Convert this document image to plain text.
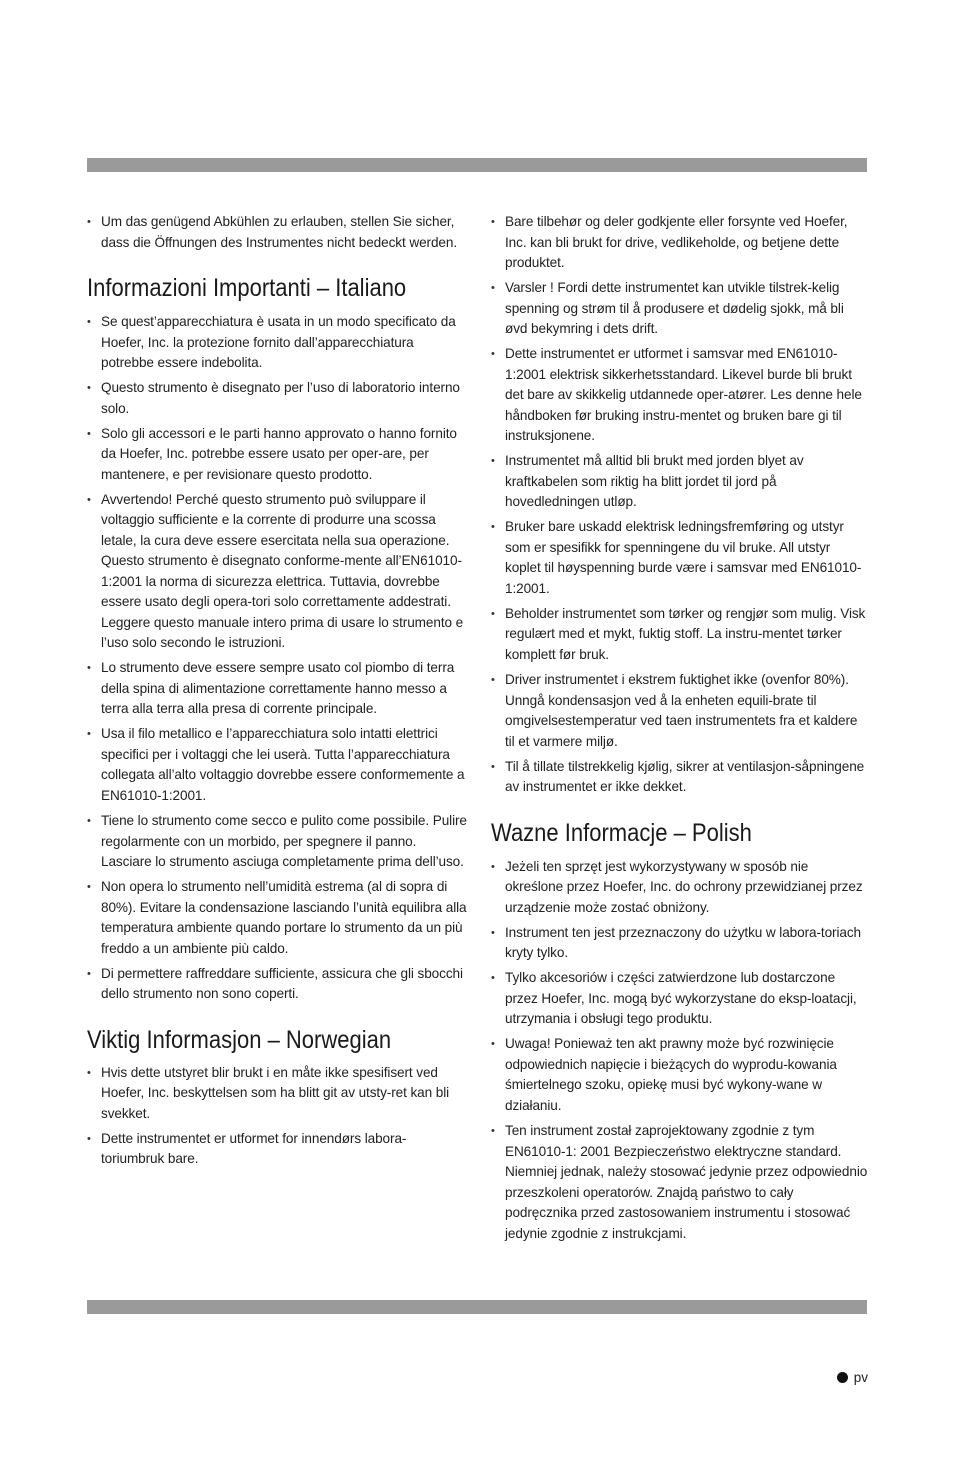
• Um das genügend Abkühlen zu erlauben, stellen Sie sicher, dass die Öffnungen des Instrumentes nicht bedeckt werden.
Informazioni Importanti – Italiano
• Se quest’apparecchiatura è usata in un modo specificato da Hoefer, Inc. la protezione fornito dall’apparecchiatura potrebbe essere indebolita.
• Questo strumento è disegnato per l’uso di laboratorio interno solo.
• Solo gli accessori e le parti hanno approvato o hanno fornito da Hoefer, Inc. potrebbe essere usato per oper-are, per mantenere, e per revisionare questo prodotto.
• Avvertendo! Perché questo strumento può sviluppare il voltaggio sufficiente e la corrente di produrre una scossa letale, la cura deve essere esercitata nella sua operazione. Questo strumento è disegnato conforme-mente all’EN61010-1:2001 la norma di sicurezza elettrica. Tuttavia, dovrebbe essere usato degli opera-tori solo correttamente addestrati. Leggere questo manuale intero prima di usare lo strumento e l’uso solo secondo le istruzioni.
• Lo strumento deve essere sempre usato col piombo di terra della spina di alimentazione correttamente hanno messo a terra alla terra alla presa di corrente principale.
• Usa il filo metallico e l’apparecchiatura solo intatti elettrici specifici per i voltaggi che lei userà. Tutta l’apparecchiatura collegata all’alto voltaggio dovrebbe essere conformemente a EN61010-1:2001.
• Tiene lo strumento come secco e pulito come possibile. Pulire regolarmente con un morbido, per spegnere il panno. Lasciare lo strumento asciuga completamente prima dell’uso.
• Non opera lo strumento nell’umidità estrema (al di sopra di 80%). Evitare la condensazione lasciando l’unità equilibra alla temperatura ambiente quando portare lo strumento da un più freddo a un ambiente più caldo.
• Di permettere raffreddare sufficiente, assicura che gli sbocchi dello strumento non sono coperti.
Viktig Informasjon – Norwegian
• Hvis dette utstyret blir brukt i en måte ikke spesifisert ved Hoefer, Inc. beskyttelsen som ha blitt git av utsty-ret kan bli svekket.
• Dette instrumentet er utformet for innendørs labora-toriumbruk bare.
• Bare tilbehør og deler godkjente eller forsynte ved Hoefer, Inc. kan bli brukt for drive, vedlikeholde, og betjene dette produktet.
• Varsler ! Fordi dette instrumentet kan utvikle tilstrek-kelig spenning og strøm til å produsere et dødelig sjokk, må bli øvd bekymring i dets drift.
• Dette instrumentet er utformet i samsvar med EN61010-1:2001 elektrisk sikkerhetsstandard. Likevel burde bli brukt det bare av skikkelig utdannede oper-atører. Les denne hele håndboken før bruking instru-mentet og bruken bare gi til instruksjonene.
• Instrumentet må alltid bli brukt med jorden blyet av kraftkabelen som riktig ha blitt jordet til jord på hovedledningen utløp.
• Bruker bare uskadd elektrisk ledningsfremføring og utstyr som er spesifikk for spenningene du vil bruke. All utstyr koplet til høyspenning burde være i samsvar med EN61010-1:2001.
• Beholder instrumentet som tørker og rengjør som mulig. Visk regulært med et mykt, fuktig stoff. La instru-mentet tørker komplett før bruk.
• Driver instrumentet i ekstrem fuktighet ikke (ovenfor 80%). Unngå kondensasjon ved å la enheten equili-brate til omgivelsestemperatur ved taen instrumentets fra et kaldere til et varmere miljø.
• Til å tillate tilstrekkelig kjølig, sikrer at ventilasjon-såpningene av instrumentet er ikke dekket.
Wazne Informacje – Polish
• Jeżeli ten sprzęt jest wykorzystywany w sposób nie określone przez Hoefer, Inc. do ochrony przewidzianej przez urządzenie może zostać obniżony.
• Instrument ten jest przeznaczony do użytku w labora-toriach kryty tylko.
• Tylko akcesoriów i części zatwierdzone lub dostarczone przez Hoefer, Inc. mogą być wykorzystane do eksp-loatacji, utrzymania i obsługi tego produktu.
• Uwaga! Ponieważ ten akt prawny może być rozwinięcie odpowiednich napięcie i bieżących do wyprodu-kowania śmiertelnego szoku, opiekę musi być wykony-wane w działaniu.
• Ten instrument został zaprojektowany zgodnie z tym EN61010-1: 2001 Bezpieczeństwo elektryczne standard. Niemniej jednak, należy stosować jedynie przez odpowiednio przeszkoleni operatorów. Znajdą państwo to cały podręcznika przed zastosowaniem instrumentu i stosować jedynie zgodnie z instrukcjami.
pv
